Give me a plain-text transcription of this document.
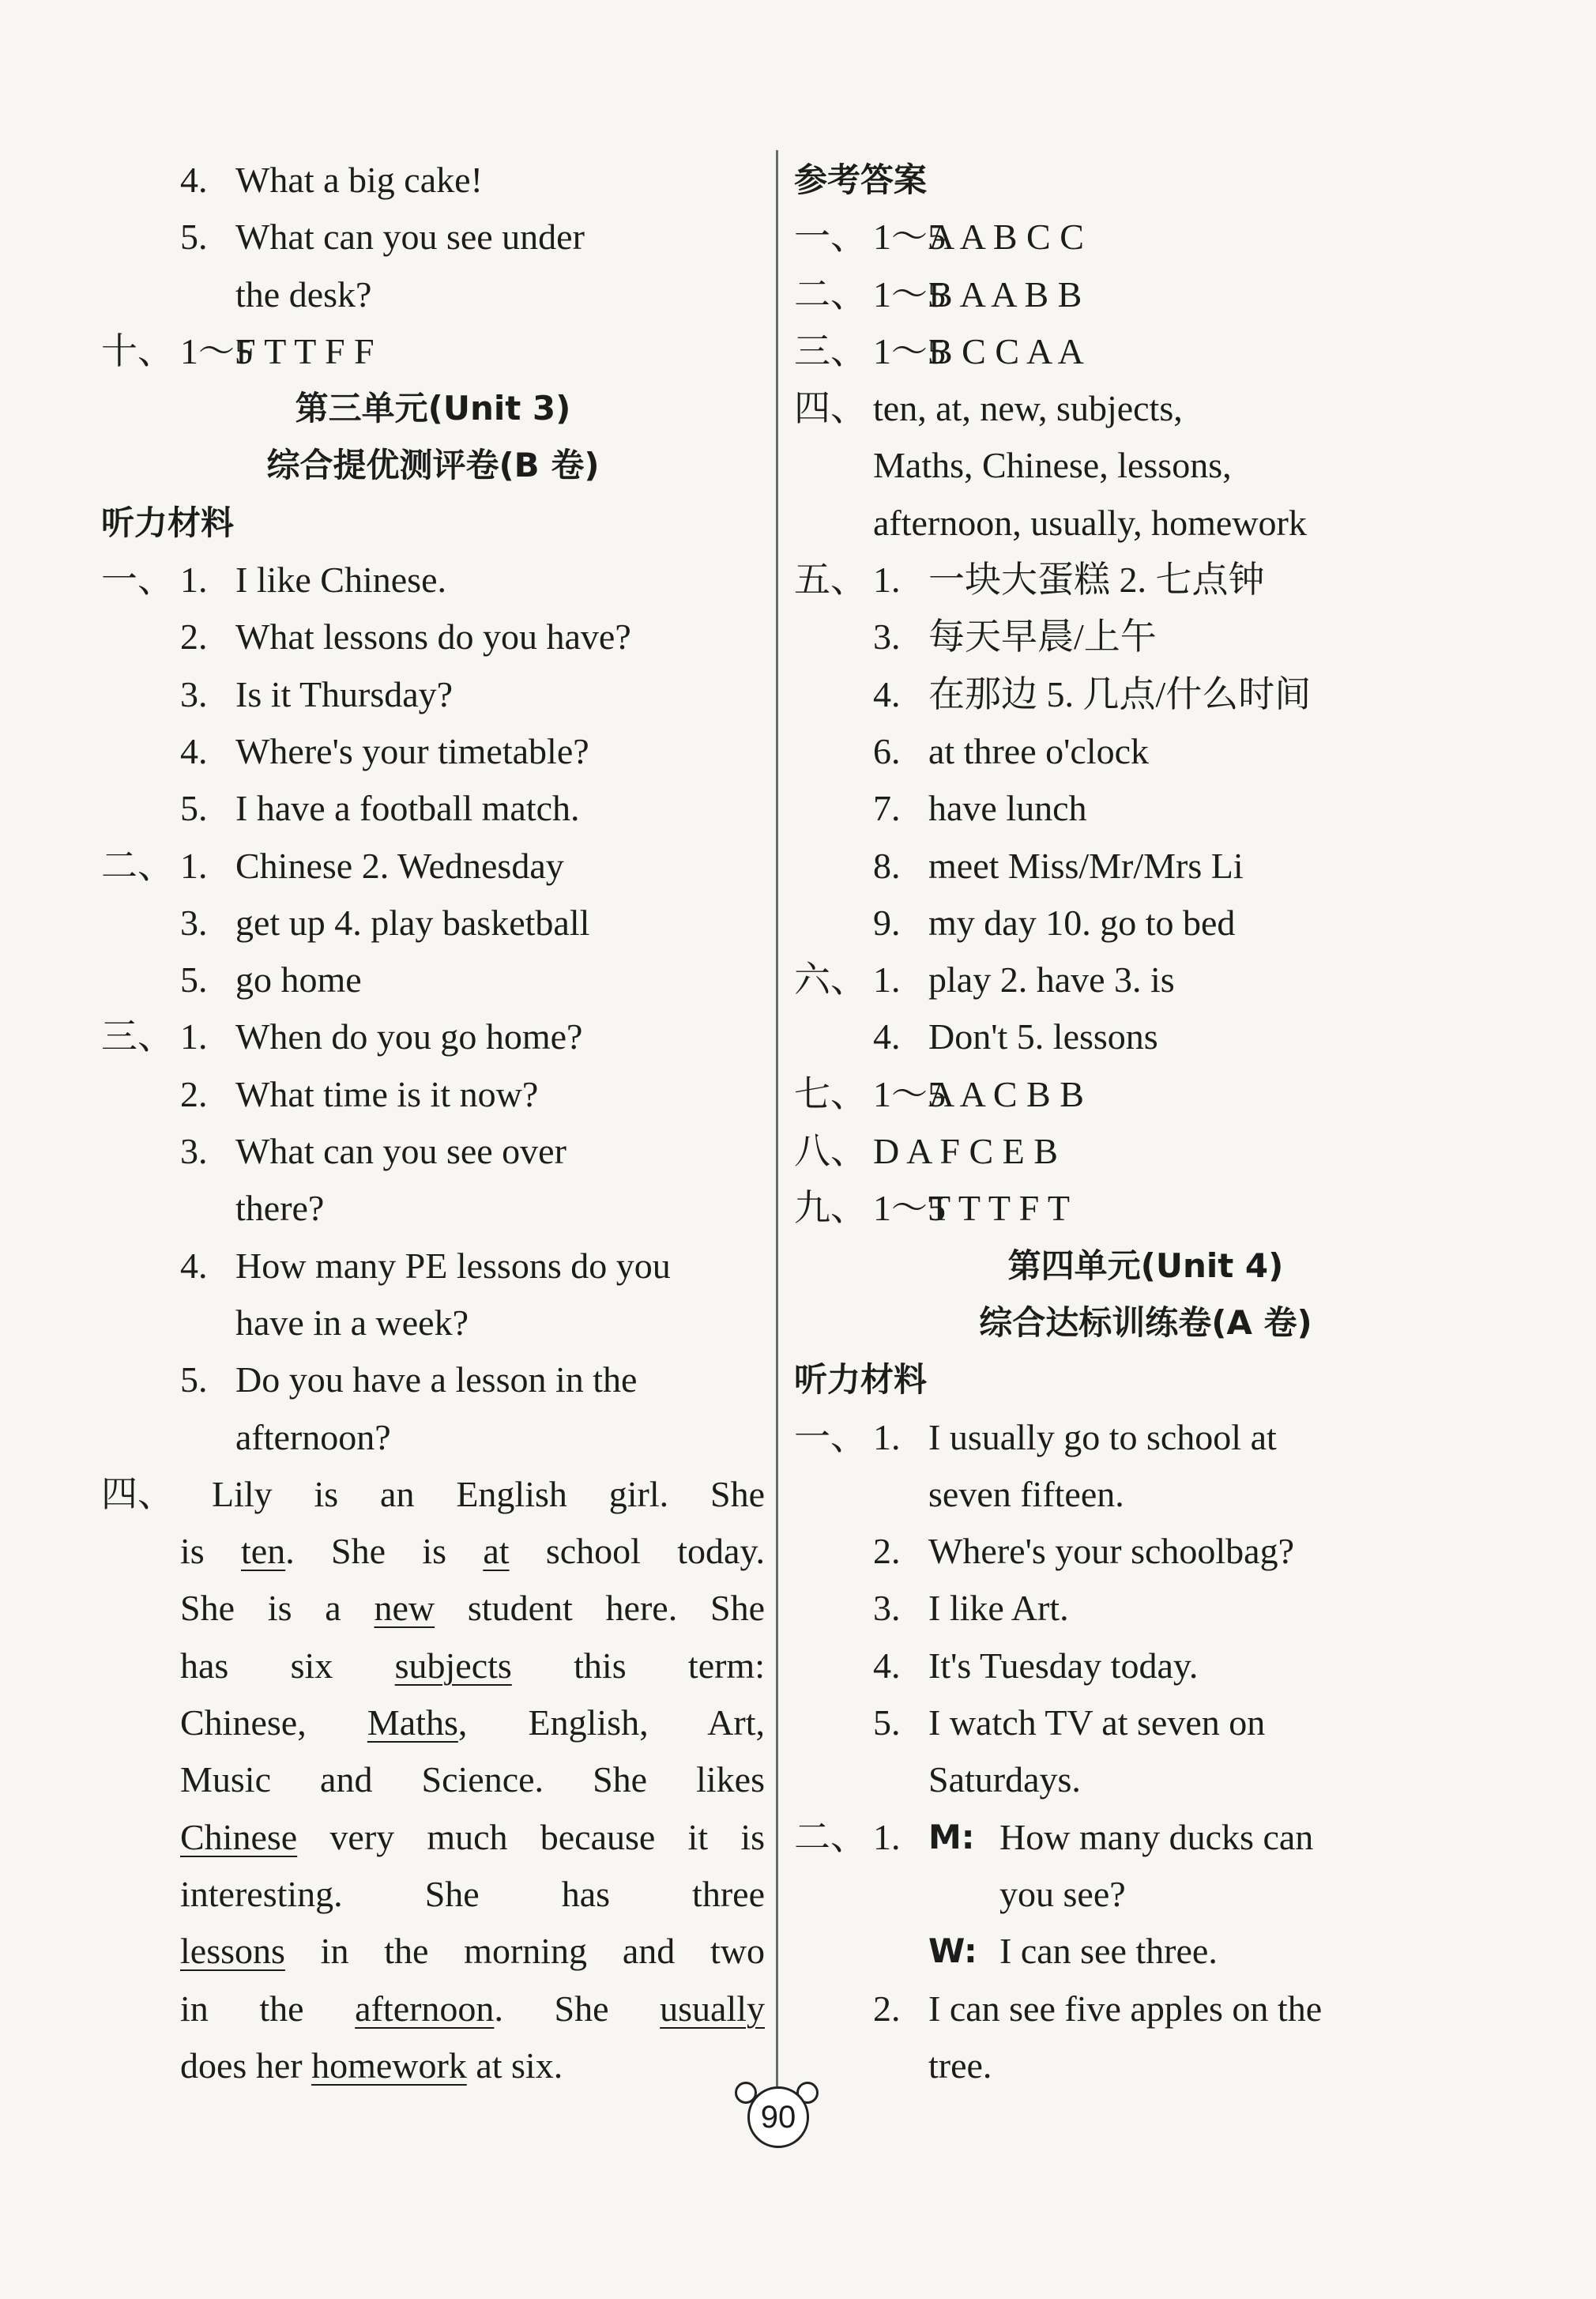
4. What a big cake!
5. What can you see under
the desk?
十、 1～5
F T T F F
第三单元(Unit 3)
综合提优测评卷(B 卷)
听力材料
一、 1. I like Chinese.
2. What lessons do you have?
3. Is it Thursday?
4. Where's your timetable?
5. I have a football match.
二、 1. Chinese 2. Wednesday
3. get up 4. play basketball
5. go home
三、 1. When do you go home?
2. What time is it now?
3. What can you see over
there?
4. How many PE lessons do you
have in a week?
5. Do you have a lesson in the
afternoon?
四、 Lily is an English girl. She
is ten. She is at school today.
She is a new student here. She
has six subjects this term:
Chinese, Maths, English, Art,
Music and Science. She likes
Chinese very much because it is
interesting. She has three
lessons in the morning and two
in the afternoon. She usually
does her homework at six.
参考答案
一、 1～5
A A B C C
二、 1～5
B A A B B
三、 1～5
B C C A A
四、 ten, at, new, subjects,
Maths, Chinese, lessons,
afternoon, usually, homework
五、 1. 一块大蛋糕 2. 七点钟
3. 每天早晨/上午
4. 在那边 5. 几点/什么时间
6. at three o'clock
7. have lunch
8. meet Miss/Mr/Mrs Li
9. my day 10. go to bed
六、 1. play 2. have 3. is
4. Don't 5. lessons
七、 1～5
A A C B B
八、 D A F C E B
九、 1～5
T T T F T
第四单元(Unit 4)
综合达标训练卷(A 卷)
听力材料
一、 1. I usually go to school at
seven fifteen.
2. Where's your schoolbag?
3. I like Art.
4. It's Tuesday today.
5. I watch TV at seven on
Saturdays.
二、 1. M: How many ducks can
you see?
W: I can see three.
2. I can see five apples on the
tree.
90
